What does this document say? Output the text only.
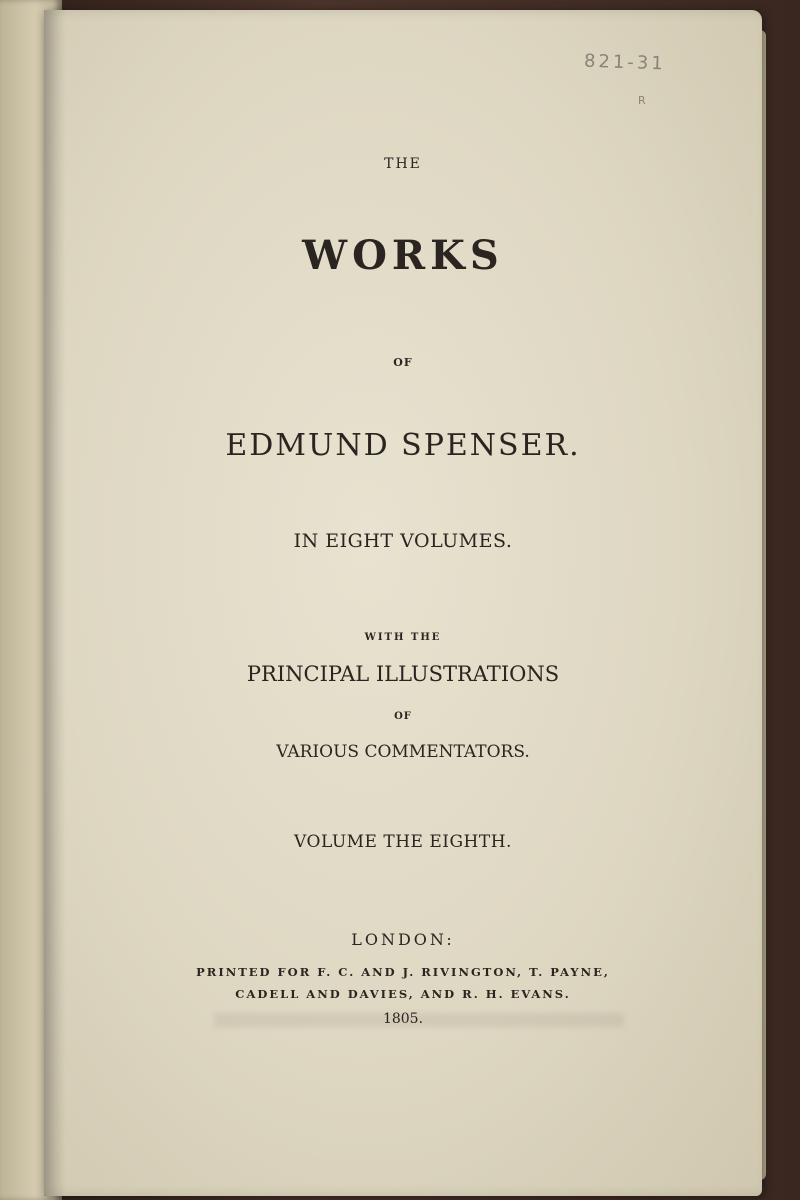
821-31
R
THE
WORKS
OF
EDMUND SPENSER.
IN EIGHT VOLUMES.
WITH THE
PRINCIPAL ILLUSTRATIONS
OF
VARIOUS COMMENTATORS.
VOLUME THE EIGHTH.
LONDON:
PRINTED FOR F. C. AND J. RIVINGTON, T. PAYNE,
CADELL AND DAVIES, AND R. H. EVANS.
1805.
